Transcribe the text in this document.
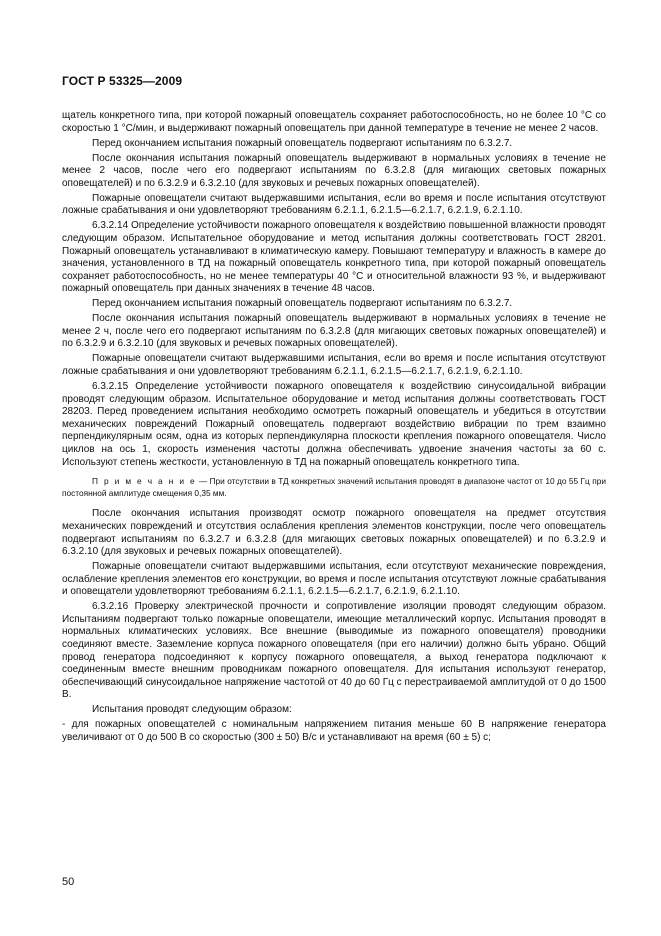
ГОСТ Р 53325—2009

щатель конкретного типа, при которой пожарный оповещатель сохраняет работоспособность, но не более 10 °С со скоростью 1 °С/мин, и выдерживают пожарный оповещатель при данной температуре в течение не менее 2 часов.

Перед окончанием испытания пожарный оповещатель подвергают испытаниям по 6.3.2.7.

После окончания испытания пожарный оповещатель выдерживают в нормальных условиях в течение не менее 2 часов, после чего его подвергают испытаниям по 6.3.2.8 (для мигающих световых пожарных оповещателей) и по 6.3.2.9 и 6.3.2.10 (для звуковых и речевых пожарных оповещателей).

Пожарные оповещатели считают выдержавшими испытания, если во время и после испытания отсутствуют ложные срабатывания и они удовлетворяют требованиям 6.2.1.1, 6.2.1.5—6.2.1.7, 6.2.1.9, 6.2.1.10.

6.3.2.14 Определение устойчивости пожарного оповещателя к воздействию повышенной влажности проводят следующим образом. Испытательное оборудование и метод испытания должны соответствовать ГОСТ 28201. Пожарный оповещатель устанавливают в климатическую камеру. Повышают температуру и влажность в камере до значения, установленного в ТД на пожарный оповещатель конкретного типа, при которой пожарный оповещатель сохраняет работоспособность, но не менее температуры 40 °С и относительной влажности 93 %, и выдерживают пожарный оповещатель при данных значениях в течение 48 часов.

Перед окончанием испытания пожарный оповещатель подвергают испытаниям по 6.3.2.7.

После окончания испытания пожарный оповещатель выдерживают в нормальных условиях в течение не менее 2 ч, после чего его подвергают испытаниям по 6.3.2.8 (для мигающих световых пожарных оповещателей) и по 6.3.2.9 и 6.3.2.10 (для звуковых и речевых пожарных оповещателей).

Пожарные оповещатели считают выдержавшими испытания, если во время и после испытания отсутствуют ложные срабатывания и они удовлетворяют требованиям 6.2.1.1, 6.2.1.5—6.2.1.7, 6.2.1.9, 6.2.1.10.

6.3.2.15 Определение устойчивости пожарного оповещателя к воздействию синусоидальной вибрации проводят следующим образом. Испытательное оборудование и метод испытания должны соответствовать ГОСТ 28203. Перед проведением испытания необходимо осмотреть пожарный оповещатель и убедиться в отсутствии механических повреждений Пожарный оповещатель подвергают воздействию вибрации по трем взаимно перпендикулярным осям, одна из которых перпендикулярна плоскости крепления пожарного оповещателя. Число циклов на ось 1, скорость изменения частоты должна обеспечивать удвоение значения частоты за 60 с. Используют степень жесткости, установленную в ТД на пожарный оповещатель конкретного типа.

П р и м е ч а н и е — При отсутствии в ТД конкретных значений испытания проводят в диапазоне частот от 10 до 55 Гц при постоянной амплитуде смещения 0,35 мм.

После окончания испытания производят осмотр пожарного оповещателя на предмет отсутствия механических повреждений и отсутствия ослабления крепления элементов конструкции, после чего оповещатель подвергают испытаниям по 6.3.2.7 и 6.3.2.8 (для мигающих световых пожарных оповещателей) и по 6.3.2.9 и 6.3.2.10 (для звуковых и речевых пожарных оповещателей).

Пожарные оповещатели считают выдержавшими испытания, если отсутствуют механические повреждения, ослабление крепления элементов его конструкции, во время и после испытания отсутствуют ложные срабатывания и оповещатели удовлетворяют требованиям 6.2.1.1, 6.2.1.5—6.2.1.7, 6.2.1.9, 6.2.1.10.

6.3.2.16 Проверку электрической прочности и сопротивление изоляции проводят следующим образом. Испытаниям подвергают только пожарные оповещатели, имеющие металлический корпус. Испытания проводят в нормальных климатических условиях. Все внешние (выводимые из пожарного оповещателя) проводники соединяют вместе. Заземление корпуса пожарного оповещателя (при его наличии) должно быть убрано. Общий провод генератора подсоединяют к корпусу пожарного оповещателя, а выход генератора подключают к соединенным вместе внешним проводникам пожарного оповещателя. Для испытания используют генератор, обеспечивающий синусоидальное напряжение частотой от 40 до 60 Гц с перестраиваемой амплитудой от 0 до 1500 В.

Испытания проводят следующим образом:

- для пожарных оповещателей с номинальным напряжением питания меньше 60 В напряжение генератора увеличивают от 0 до 500 В со скоростью (300 ± 50) В/с и устанавливают на время (60 ± 5) с;

50
